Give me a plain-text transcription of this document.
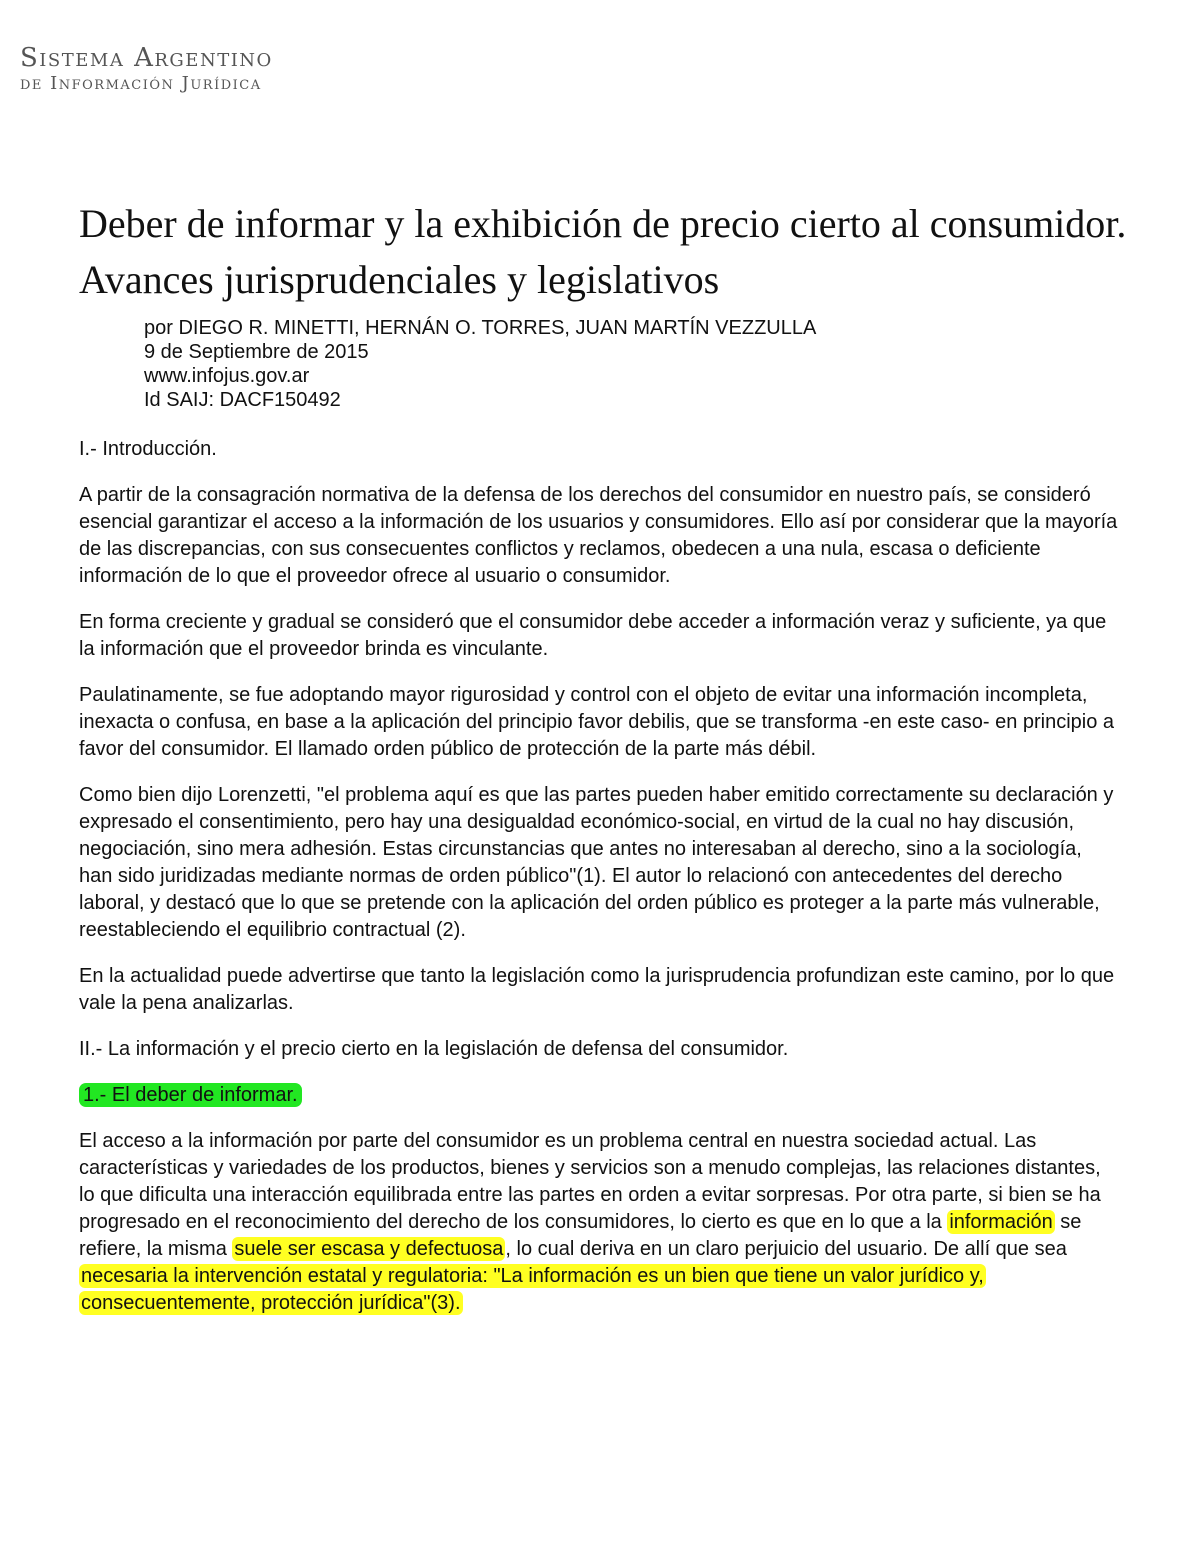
Sistema Argentino
de Información Jurídica
Deber de informar y la exhibición de precio cierto al consumidor. Avances jurisprudenciales y legislativos
por DIEGO R. MINETTI, HERNÁN O. TORRES, JUAN MARTÍN VEZZULLA
9 de Septiembre de 2015
www.infojus.gov.ar
Id SAIJ: DACF150492

I.- Introducción.

A partir de la consagración normativa de la defensa de los derechos del consumidor en nuestro país, se consideró esencial garantizar el acceso a la información de los usuarios y consumidores. Ello así por considerar que la mayoría de las discrepancias, con sus consecuentes conflictos y reclamos, obedecen a una nula, escasa o deficiente información de lo que el proveedor ofrece al usuario o consumidor.

En forma creciente y gradual se consideró que el consumidor debe acceder a información veraz y suficiente, ya que la información que el proveedor brinda es vinculante.

Paulatinamente, se fue adoptando mayor rigurosidad y control con el objeto de evitar una información incompleta, inexacta o confusa, en base a la aplicación del principio favor debilis, que se transforma -en este caso- en principio a favor del consumidor. El llamado orden público de protección de la parte más débil.

Como bien dijo Lorenzetti, "el problema aquí es que las partes pueden haber emitido correctamente su declaración y expresado el consentimiento, pero hay una desigualdad económico-social, en virtud de la cual no hay discusión, negociación, sino mera adhesión. Estas circunstancias que antes no interesaban al derecho, sino a la sociología, han sido juridizadas mediante normas de orden público"(1). El autor lo relacionó con antecedentes del derecho laboral, y destacó que lo que se pretende con la aplicación del orden público es proteger a la parte más vulnerable, reestableciendo el equilibrio contractual (2).

En la actualidad puede advertirse que tanto la legislación como la jurisprudencia profundizan este camino, por lo que vale la pena analizarlas.

II.- La información y el precio cierto en la legislación de defensa del consumidor.

1.- El deber de informar.

El acceso a la información por parte del consumidor es un problema central en nuestra sociedad actual. Las características y variedades de los productos, bienes y servicios son a menudo complejas, las relaciones distantes, lo que dificulta una interacción equilibrada entre las partes en orden a evitar sorpresas. Por otra parte, si bien se ha progresado en el reconocimiento del derecho de los consumidores, lo cierto es que en lo que a la información se refiere, la misma suele ser escasa y defectuosa , lo cual deriva en un claro perjuicio del usuario. De allí que sea necesaria la intervención estatal y regulatoria: "La información es un bien que tiene un valor jurídico y, consecuentemente, protección jurídica"(3).
